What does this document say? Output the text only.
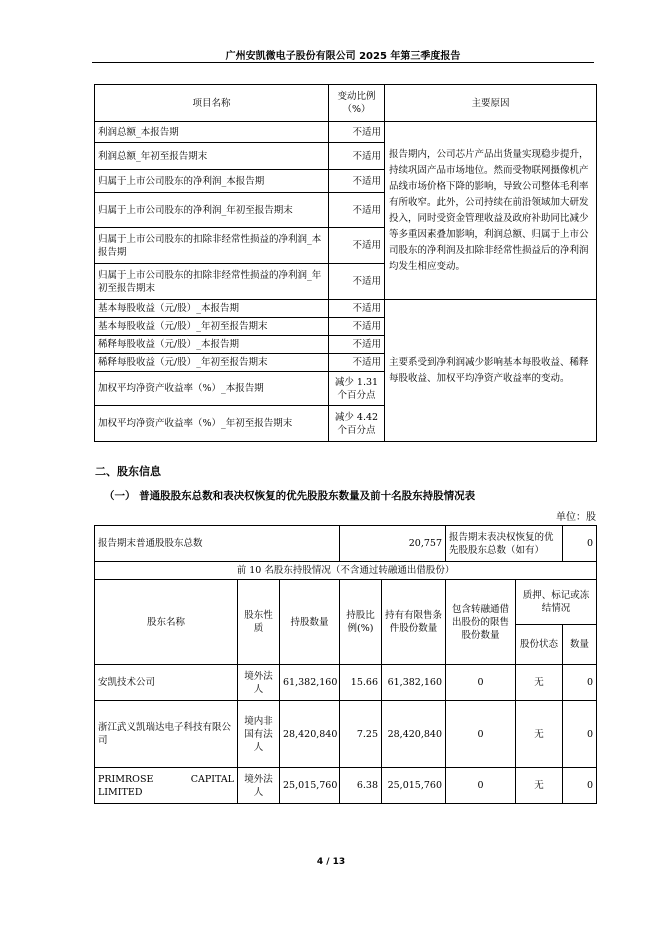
广州安凯微电子股份有限公司 2025 年第三季度报告
项目名称	变动比例（%）	主要原因
利润总额_本报告期	不适用	报告期内，公司芯片产品出货量实现稳步提升，持续巩固产品市场地位。然而受物联网摄像机产品线市场价格下降的影响，导致公司整体毛利率有所收窄。此外，公司持续在前沿领域加大研发投入，同时受资金管理收益及政府补助同比减少等多重因素叠加影响，利润总额、归属于上市公司股东的净利润及扣除非经常性损益后的净利润均发生相应变动。
利润总额_年初至报告期末	不适用	
归属于上市公司股东的净利润_本报告期	不适用	
归属于上市公司股东的净利润_年初至报告期末	不适用	
归属于上市公司股东的扣除非经常性损益的净利润_本报告期	不适用	
归属于上市公司股东的扣除非经常性损益的净利润_年初至报告期末	不适用	
基本每股收益（元/股）_本报告期	不适用	主要系受到净利润减少影响基本每股收益、稀释每股收益、加权平均净资产收益率的变动。
基本每股收益（元/股）_年初至报告期末	不适用	
稀释每股收益（元/股）_本报告期	不适用	
稀释每股收益（元/股）_年初至报告期末	不适用	
加权平均净资产收益率（%）_本报告期	减少 1.31 个百分点	
加权平均净资产收益率（%）_年初至报告期末	减少 4.42 个百分点	
二、股东信息
（一） 普通股股东总数和表决权恢复的优先股股东数量及前十名股东持股情况表
单位：股
报告期末普通股股东总数			20,757		报告期末表决权恢复的优先股股东总数（如有）		0
前 10 名股东持股情况（不含通过转融通出借股份）							
股东名称	股东性质	持股数量	持股比例(%)	持有有限售条件股份数量	包含转融通借出股份的限售股份数量	质押、标记或冻结情况	
						股份状态	数量
安凯技术公司	境外法人	61,382,160	15.66	61,382,160	0	无	0
浙江武义凯瑞达电子科技有限公司	境内非国有法人	28,420,840	7.25	28,420,840	0	无	0
PRIMROSE CAPITAL LIMITED	境外法人	25,015,760	6.38	25,015,760	0	无	0
4 / 13
